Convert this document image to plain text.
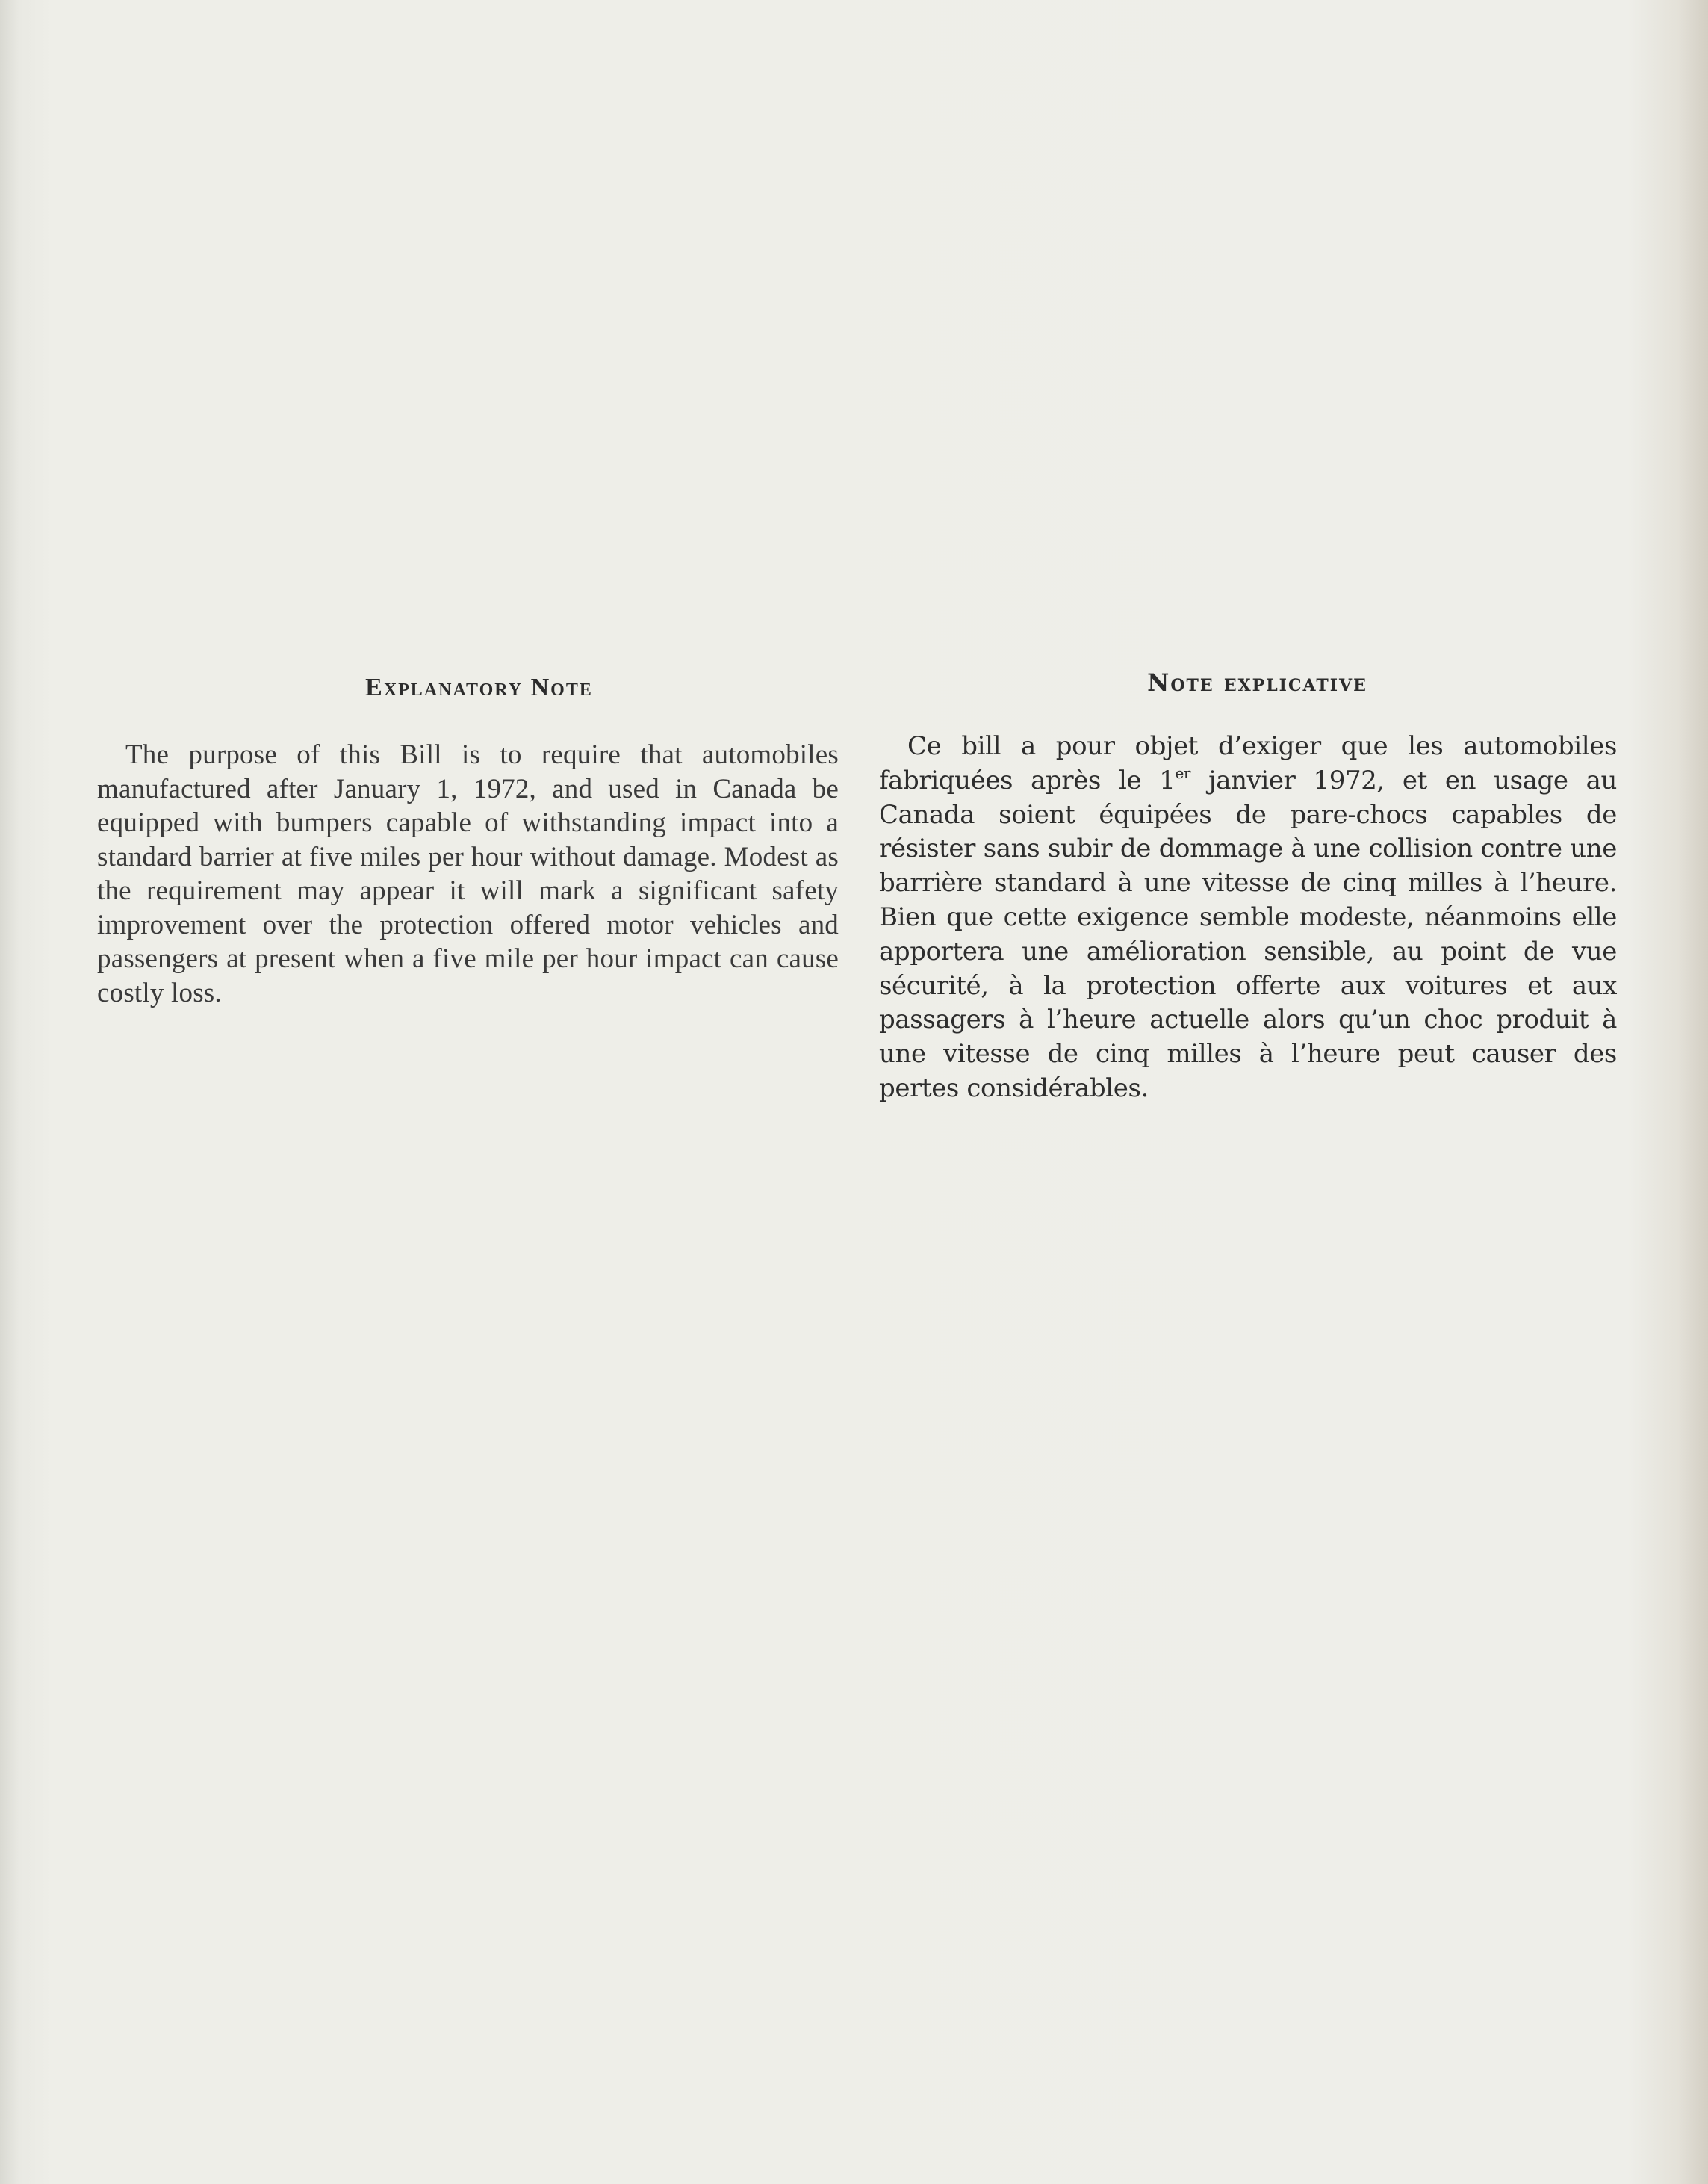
Explanatory Note

The purpose of this Bill is to require that automobiles manufactured after January 1, 1972, and used in Canada be equipped with bumpers capable of withstanding impact into a standard barrier at five miles per hour without damage. Modest as the requirement may appear it will mark a significant safety improvement over the protection offered motor vehicles and passengers at present when a five mile per hour impact can cause costly loss.

Note explicative

Ce bill a pour objet d’exiger que les automobiles fabriquées après le 1er janvier 1972, et en usage au Canada soient équipées de pare-chocs capables de résister sans subir de dommage à une collision contre une barrière standard à une vitesse de cinq milles à l’heure. Bien que cette exigence semble modeste, néanmoins elle apportera une amélioration sensible, au point de vue sécurité, à la protection offerte aux voitures et aux passagers à l’heure actuelle alors qu’un choc produit à une vitesse de cinq milles à l’heure peut causer des pertes considérables.
